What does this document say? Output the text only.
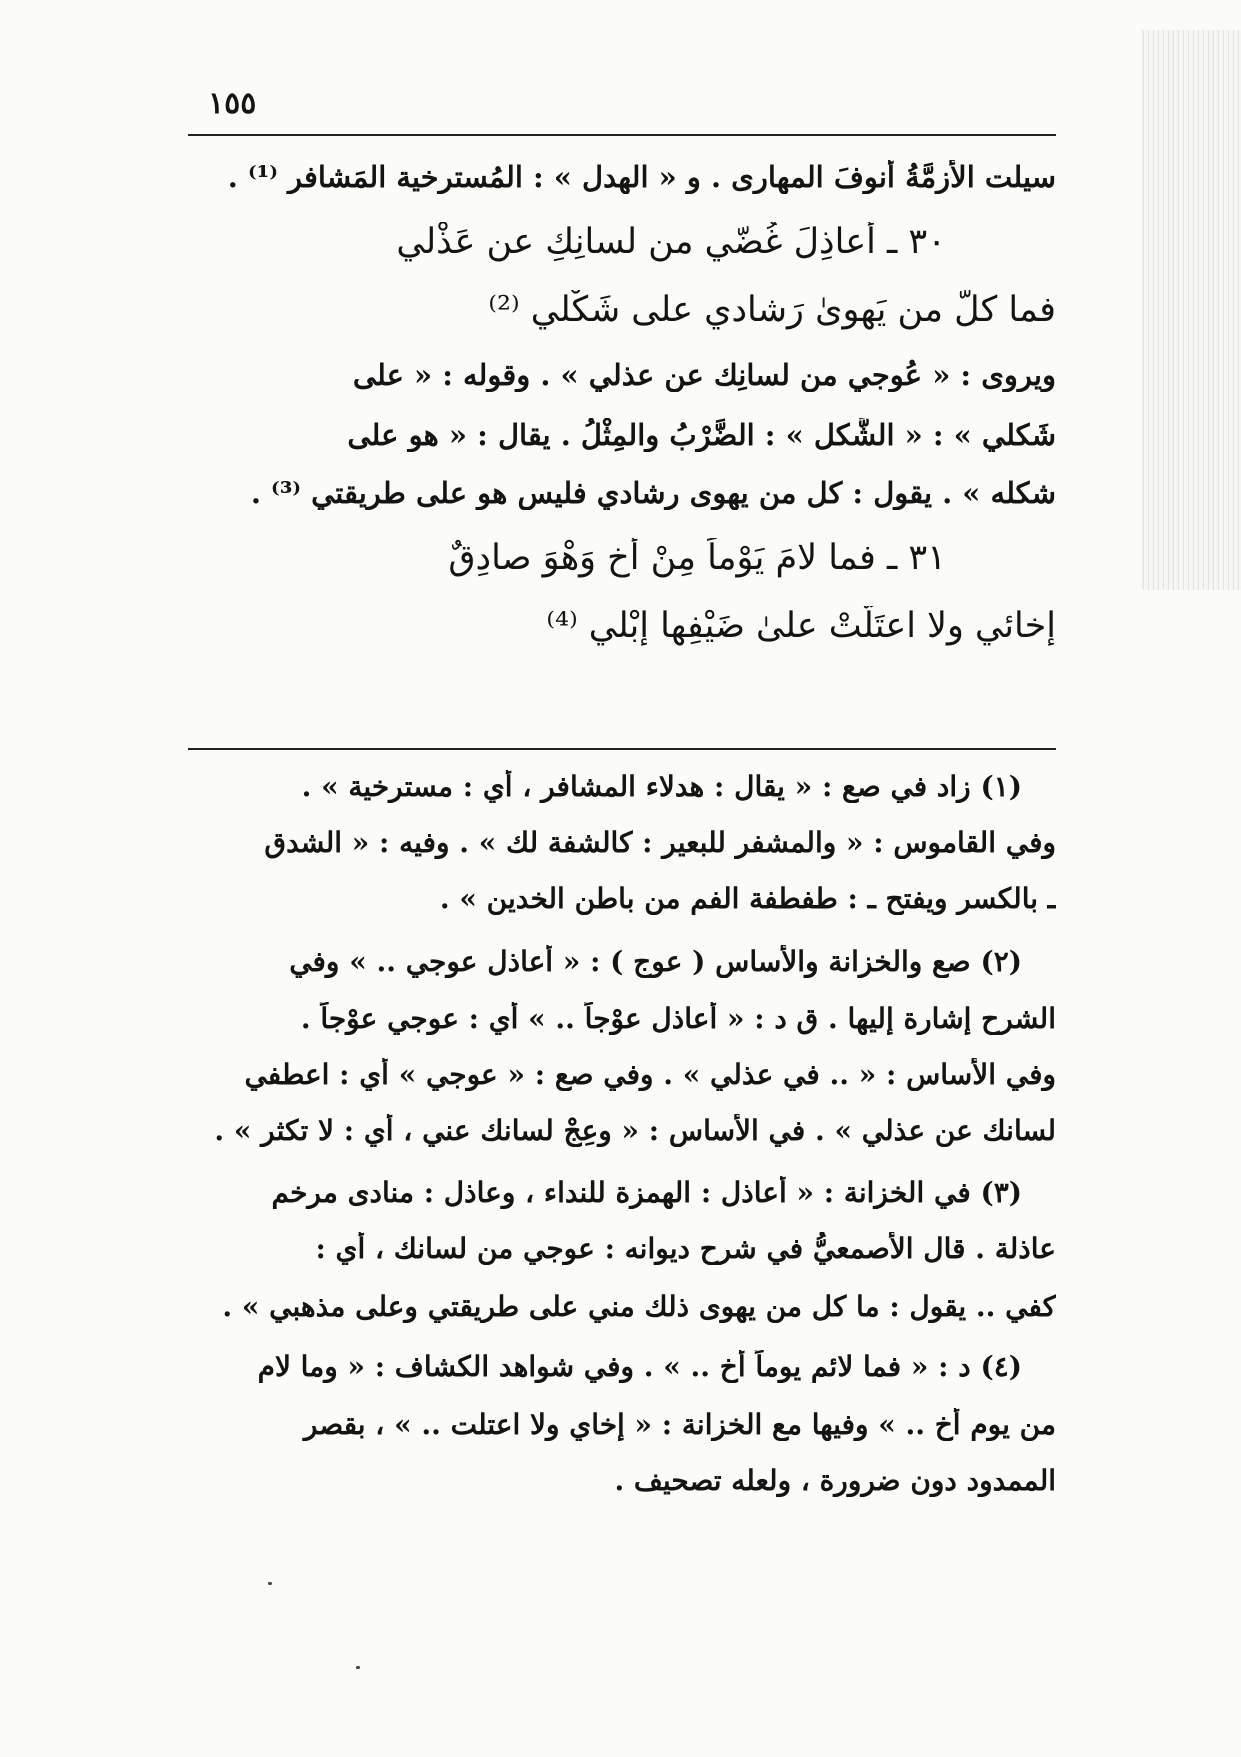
١٥٥
سيلت الأزِمَّةُ أنوفَ المهارى . و « الهدل » : المُسترخية المَشافرِ ⁽¹⁾ .
٣٠ ـ أعاذِلَ غُضّي من لسانِكِ عن عَذْلي
فما كلُّ من يَهوىٰ رَشادي على شَكْلي ⁽²⁾
ويروى : « عُوجي من لسانِك عن عذلي » . وقوله : « على
شَكلي » : « الشَّكل » : الضَّرْبُ والمِثْلُ . يقال : « هو على
شكله » . يقول : كل من يهوى رشادي فليس هو على طريقتي ⁽³⁾ .
٣١ ـ فما لامَ يَوْماً مِنْ أخٍ وَهْوَ صادِقٌ
إخائي ولا اعتَلَّتْ علىٰ ضَيْفِها إبْلي ⁽⁴⁾
(١) زاد في صع : « يقال : هدلاء المشافر ، أي : مسترخية » .
وفي القاموس : « والمشفر للبعير : كالشفة لك » . وفيه : « الشدق
ـ بالكسر ويفتح ـ : طفطفة الفم من باطن الخدين » .
(٢) صع والخزانة والأساس ( عوج ) : « أعاذل عوجي .. » وفي
الشرح إشارة إليها . ق د : « أعاذل عوْجاً .. » أي : عوجي عوْجاً .
وفي الأساس : « .. في عذلي » . وفي صع : « عوجي » أي : اعطفي
لسانك عن عذلي » . في الأساس : « وعِجْ لسانك عني ، أي : لا تكثر » .
(٣) في الخزانة : « أعاذل : الهمزة للنداء ، وعاذل : منادى مرخم
عاذلة . قال الأصمعيُّ في شرح ديوانه : عوجي من لسانك ، أي :
كفي .. يقول : ما كل من يهوى ذلك مني على طريقتي وعلى مذهبي » .
(٤) د : « فما لائم يوماً أخ .. » . وفي شواهد الكشاف : « وما لام
من يوم أخ .. » وفيها مع الخزانة : « إخاي ولا اعتلت .. » ، بقصر
الممدود دون ضرورة ، ولعله تصحيف .
